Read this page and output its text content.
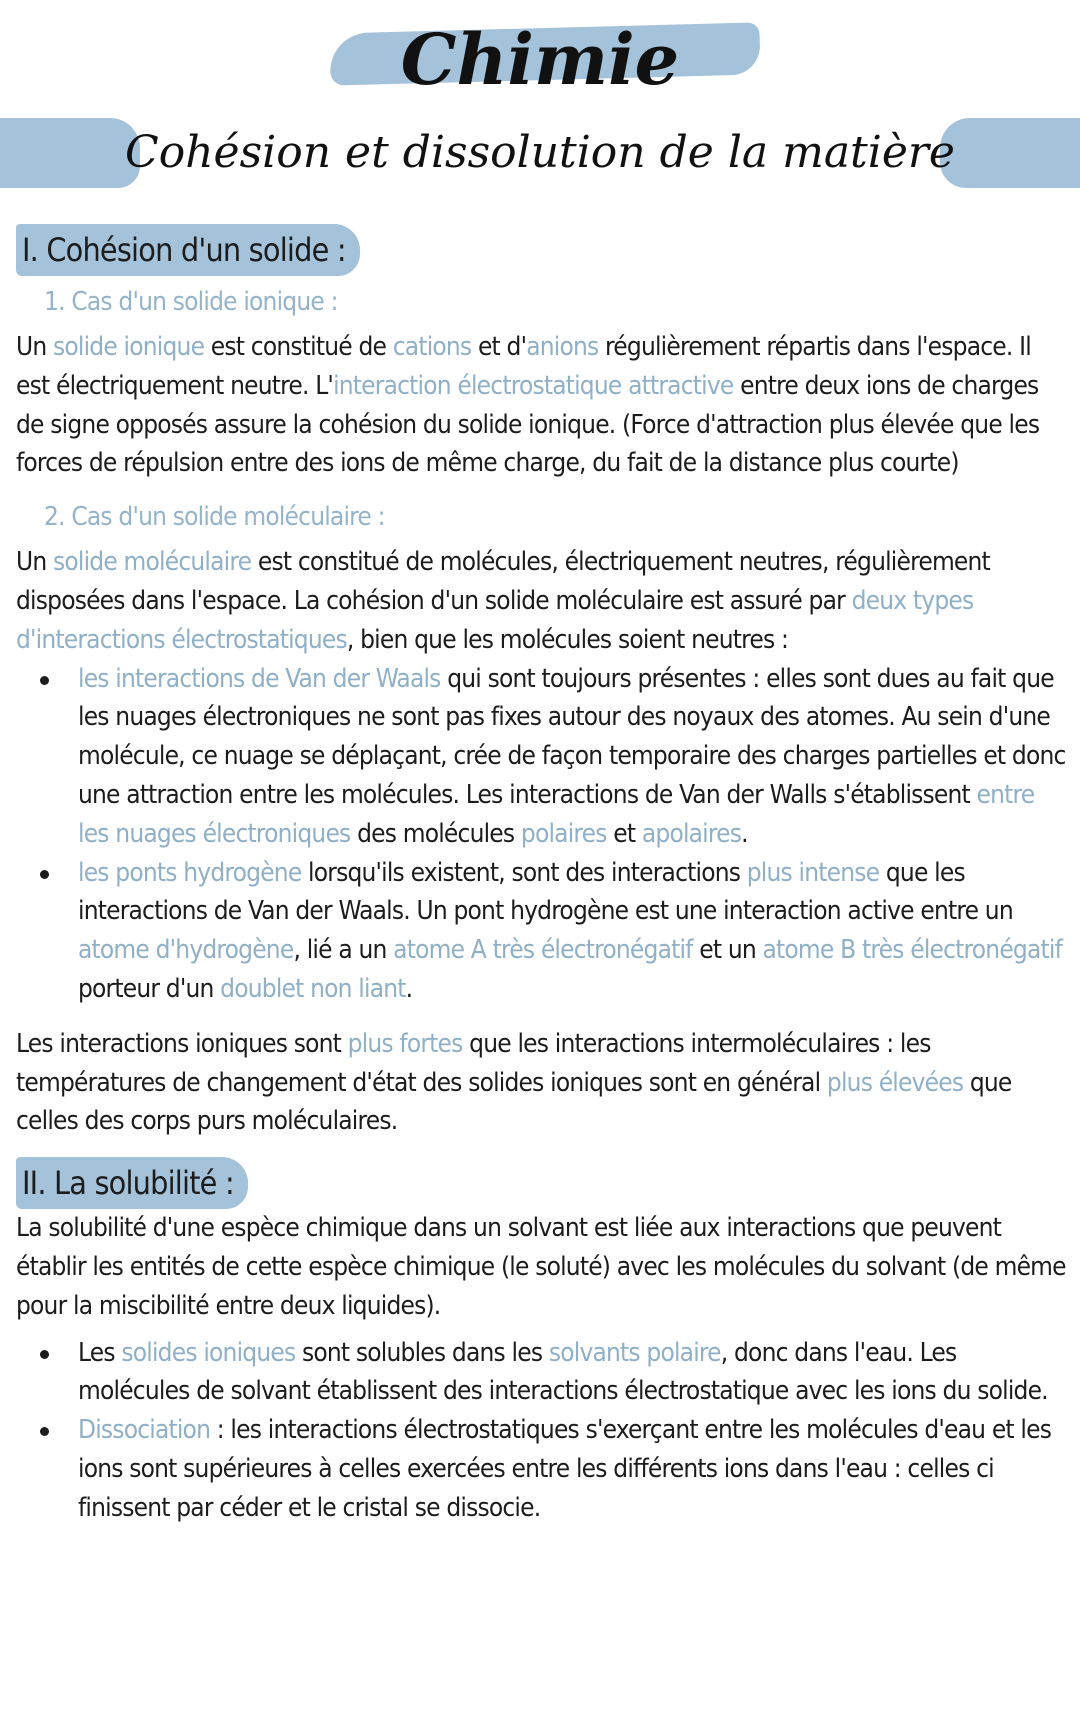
Chimie
Cohésion et dissolution de la matière
I. Cohésion d'un solide :
1. Cas d'un solide ionique :

Un solide ionique est constitué de cations et d'anions régulièrement répartis dans l'espace. Il est électriquement neutre. L'interaction électrostatique attractive entre deux ions de charges de signe opposés assure la cohésion du solide ionique. (Force d'attraction plus élevée que les forces de répulsion entre des ions de même charge, du fait de la distance plus courte)

2. Cas d'un solide moléculaire :

Un solide moléculaire est constitué de molécules, électriquement neutres, régulièrement disposées dans l'espace. La cohésion d'un solide moléculaire est assuré par deux types d'interactions électrostatiques, bien que les molécules soient neutres :

les interactions de Van der Waals qui sont toujours présentes : elles sont dues au fait que les nuages électroniques ne sont pas fixes autour des noyaux des atomes. Au sein d'une molécule, ce nuage se déplaçant, crée de façon temporaire des charges partielles et donc une attraction entre les molécules. Les interactions de Van der Walls s'établissent entre les nuages électroniques des molécules polaires et apolaires.
les ponts hydrogène lorsqu'ils existent, sont des interactions plus intense que les interactions de Van der Waals. Un pont hydrogène est une interaction active entre un atome d'hydrogène, lié a un atome A très électronégatif et un atome B très électronégatif porteur d'un doublet non liant.

Les interactions ioniques sont plus fortes que les interactions intermoléculaires : les températures de changement d'état des solides ioniques sont en général plus élevées que celles des corps purs moléculaires.

II. La solubilité :

La solubilité d'une espèce chimique dans un solvant est liée aux interactions que peuvent établir les entités de cette espèce chimique (le soluté) avec les molécules du solvant (de même pour la miscibilité entre deux liquides).

Les solides ioniques sont solubles dans les solvants polaire, donc dans l'eau. Les molécules de solvant établissent des interactions électrostatique avec les ions du solide.
Dissociation : les interactions électrostatiques s'exerçant entre les molécules d'eau et les ions sont supérieures à celles exercées entre les différents ions dans l'eau : celles ci finissent par céder et le cristal se dissocie.
